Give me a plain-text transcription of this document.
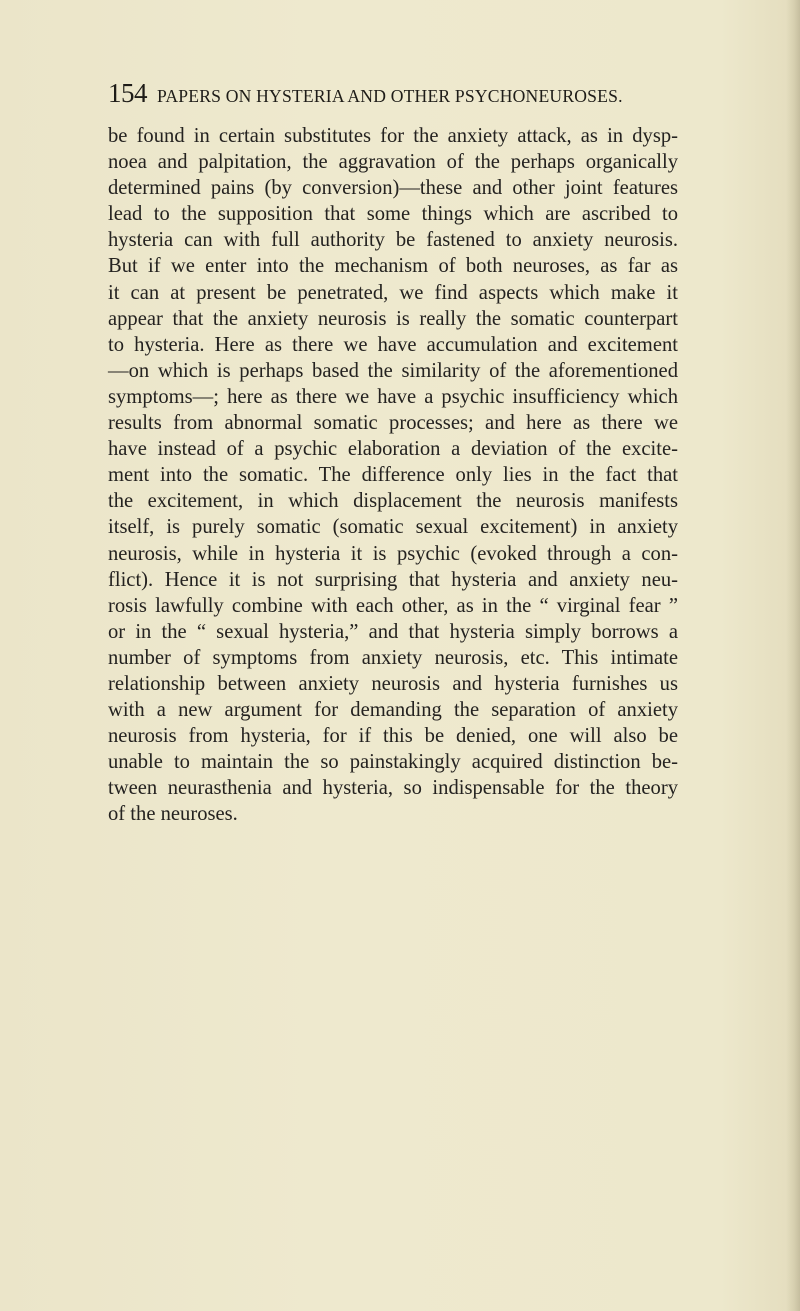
154 PAPERS ON HYSTERIA AND OTHER PSYCHONEUROSES.
be found in certain substitutes for the anxiety attack, as in dysp-
noea and palpitation, the aggravation of the perhaps organically
determined pains (by conversion)—these and other joint features
lead to the supposition that some things which are ascribed to
hysteria can with full authority be fastened to anxiety neurosis.
But if we enter into the mechanism of both neuroses, as far as
it can at present be penetrated, we find aspects which make it
appear that the anxiety neurosis is really the somatic counterpart
to hysteria. Here as there we have accumulation and excitement
—on which is perhaps based the similarity of the aforementioned
symptoms—; here as there we have a psychic insufficiency which
results from abnormal somatic processes; and here as there we
have instead of a psychic elaboration a deviation of the excite-
ment into the somatic. The difference only lies in the fact that
the excitement, in which displacement the neurosis manifests
itself, is purely somatic (somatic sexual excitement) in anxiety
neurosis, while in hysteria it is psychic (evoked through a con-
flict). Hence it is not surprising that hysteria and anxiety neu-
rosis lawfully combine with each other, as in the “ virginal fear ”
or in the “ sexual hysteria,” and that hysteria simply borrows a
number of symptoms from anxiety neurosis, etc. This intimate
relationship between anxiety neurosis and hysteria furnishes us
with a new argument for demanding the separation of anxiety
neurosis from hysteria, for if this be denied, one will also be
unable to maintain the so painstakingly acquired distinction be-
tween neurasthenia and hysteria, so indispensable for the theory
of the neuroses.
